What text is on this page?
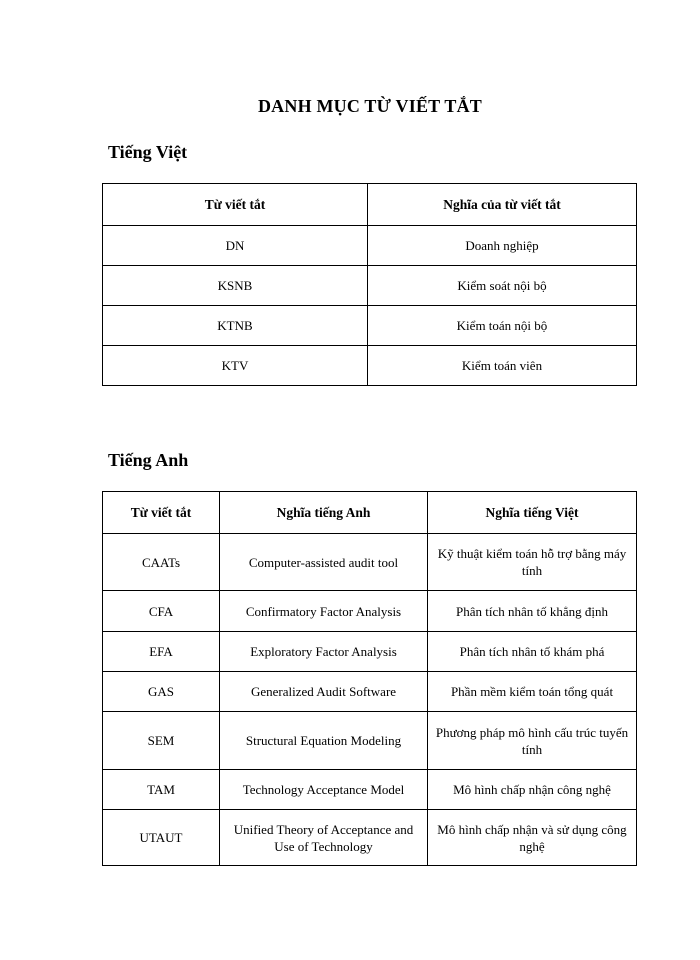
DANH MỤC TỪ VIẾT TẮT
Tiếng Việt
Từ viết tắt	Nghĩa của từ viết tắt
DN	Doanh nghiệp
KSNB	Kiểm soát nội bộ
KTNB	Kiểm toán nội bộ
KTV	Kiểm toán viên
Tiếng Anh
Từ viết tắt	Nghĩa tiếng Anh	Nghĩa tiếng Việt
CAATs	Computer-assisted audit tool	Kỹ thuật kiểm toán hỗ trợ bằng máy tính
CFA	Confirmatory Factor Analysis	Phân tích nhân tố khẳng định
EFA	Exploratory Factor Analysis	Phân tích nhân tố khám phá
GAS	Generalized Audit Software	Phần mềm kiểm toán tổng quát
SEM	Structural Equation Modeling	Phương pháp mô hình cấu trúc tuyến tính
TAM	Technology Acceptance Model	Mô hình chấp nhận công nghệ
UTAUT	Unified Theory of Acceptance and Use of Technology	Mô hình chấp nhận và sử dụng công nghệ
